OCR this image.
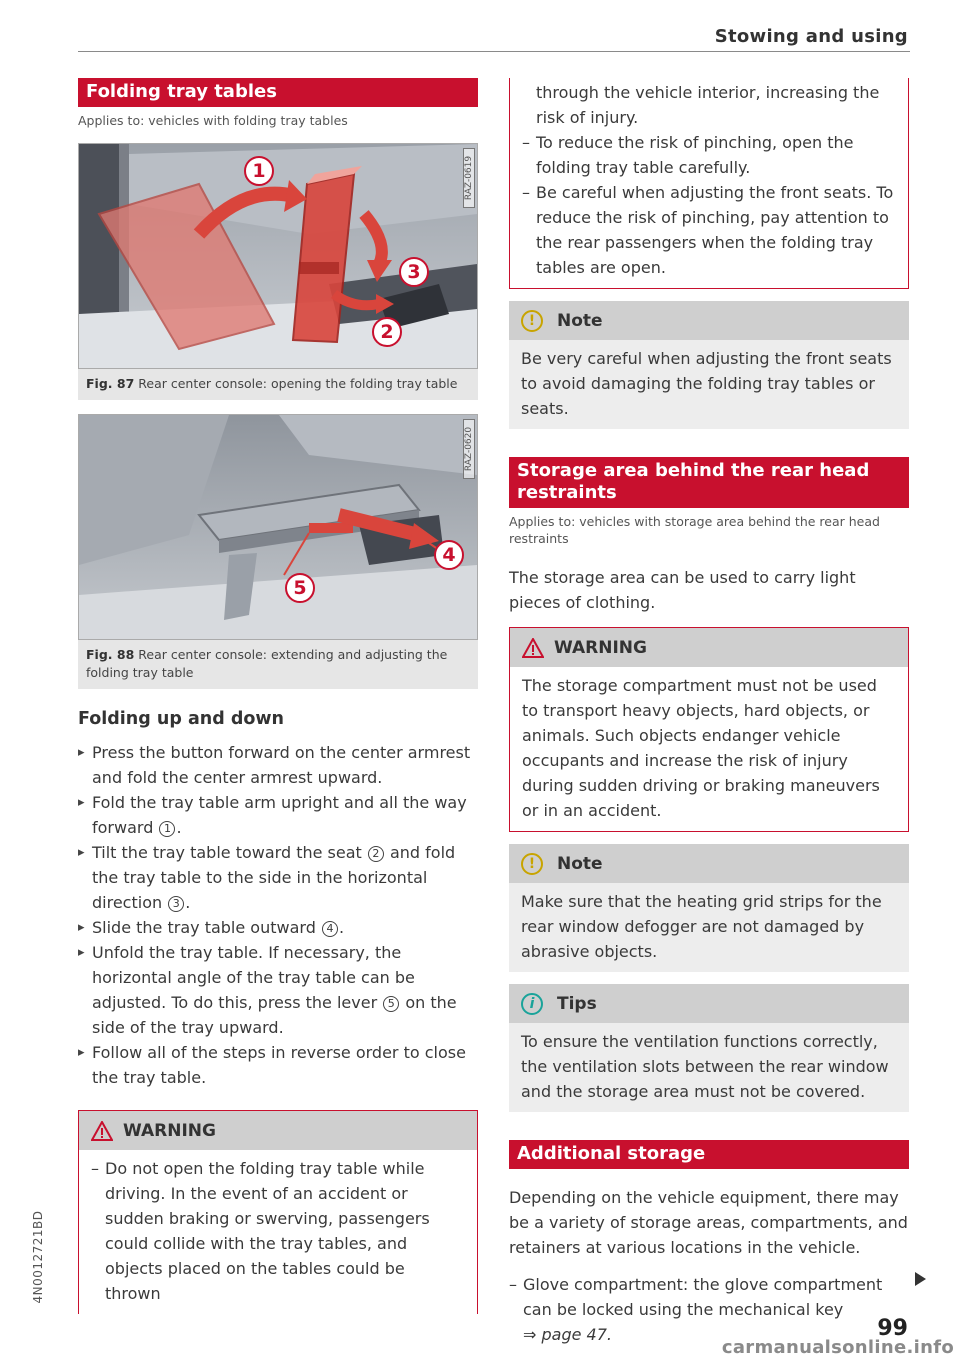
Stowing and using
4N0012721BD
Folding tray tables
Applies to: vehicles with folding tray tables
RAZ-0619
1
2
3
Fig. 87 Rear center console: opening the folding tray table
RAZ-0620
4
5
Fig. 88 Rear center console: extending and adjusting the folding tray table
Folding up and down
▸ Press the button forward on the center armrest and fold the center armrest upward.
▸ Fold the tray table arm upright and all the way forward 1 .
▸ Tilt the tray table toward the seat 2 and fold the tray table to the side in the horizontal direction 3 .
▸ Slide the tray table outward 4 .
▸ Unfold the tray table. If necessary, the horizontal angle of the tray table can be adjusted. To do this, press the lever 5 on the side of the tray upward.
▸ Follow all of the steps in reverse order to close the tray table.
WARNING
– Do not open the folding tray table while driving. In the event of an accident or sudden braking or swerving, passengers could collide with the tray tables, and objects placed on the tables could be thrown

through the vehicle interior, increasing the risk of injury.

– To reduce the risk of pinching, open the folding tray table carefully.
– Be careful when adjusting the front seats. To reduce the risk of pinching, pay attention to the rear passengers when the folding tray tables are open.
!	Note

Be very careful when adjusting the front seats to avoid damaging the folding tray tables or seats.

Storage area behind the rear head restraints
Applies to: vehicles with storage area behind the rear head restraints

The storage area can be used to carry light pieces of clothing.

WARNING

The storage compartment must not be used to transport heavy objects, hard objects, or animals. Such objects endanger vehicle occupants and increase the risk of injury during sudden driving or braking maneuvers or in an accident.

!	Note

Make sure that the heating grid strips for the rear window defogger are not damaged by abrasive objects.

i	Tips

To ensure the ventilation functions correctly, the ventilation slots between the rear window and the storage area must not be covered.

Additional storage

Depending on the vehicle equipment, there may be a variety of storage areas, compartments, and retainers at various locations in the vehicle.

– Glove compartment: the glove compartment can be locked using the mechanical key
⇒ page 47.	99
carmanualsonline.info
